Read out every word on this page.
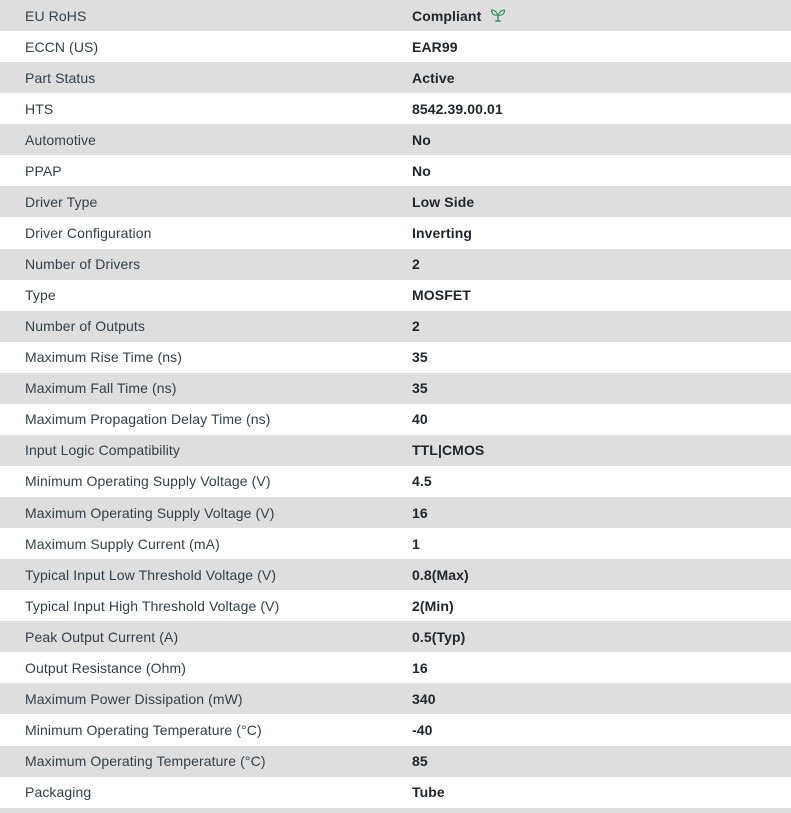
EU RoHS	Compliant
ECCN (US)	EAR99
Part Status	Active
HTS	8542.39.00.01
Automotive	No
PPAP	No
Driver Type	Low Side
Driver Configuration	Inverting
Number of Drivers	2
Type	MOSFET
Number of Outputs	2
Maximum Rise Time (ns)	35
Maximum Fall Time (ns)	35
Maximum Propagation Delay Time (ns)	40
Input Logic Compatibility	TTL|CMOS
Minimum Operating Supply Voltage (V)	4.5
Maximum Operating Supply Voltage (V)	16
Maximum Supply Current (mA)	1
Typical Input Low Threshold Voltage (V)	0.8(Max)
Typical Input High Threshold Voltage (V)	2(Min)
Peak Output Current (A)	0.5(Typ)
Output Resistance (Ohm)	16
Maximum Power Dissipation (mW)	340
Minimum Operating Temperature (°C)	-40
Maximum Operating Temperature (°C)	85
Packaging	Tube
